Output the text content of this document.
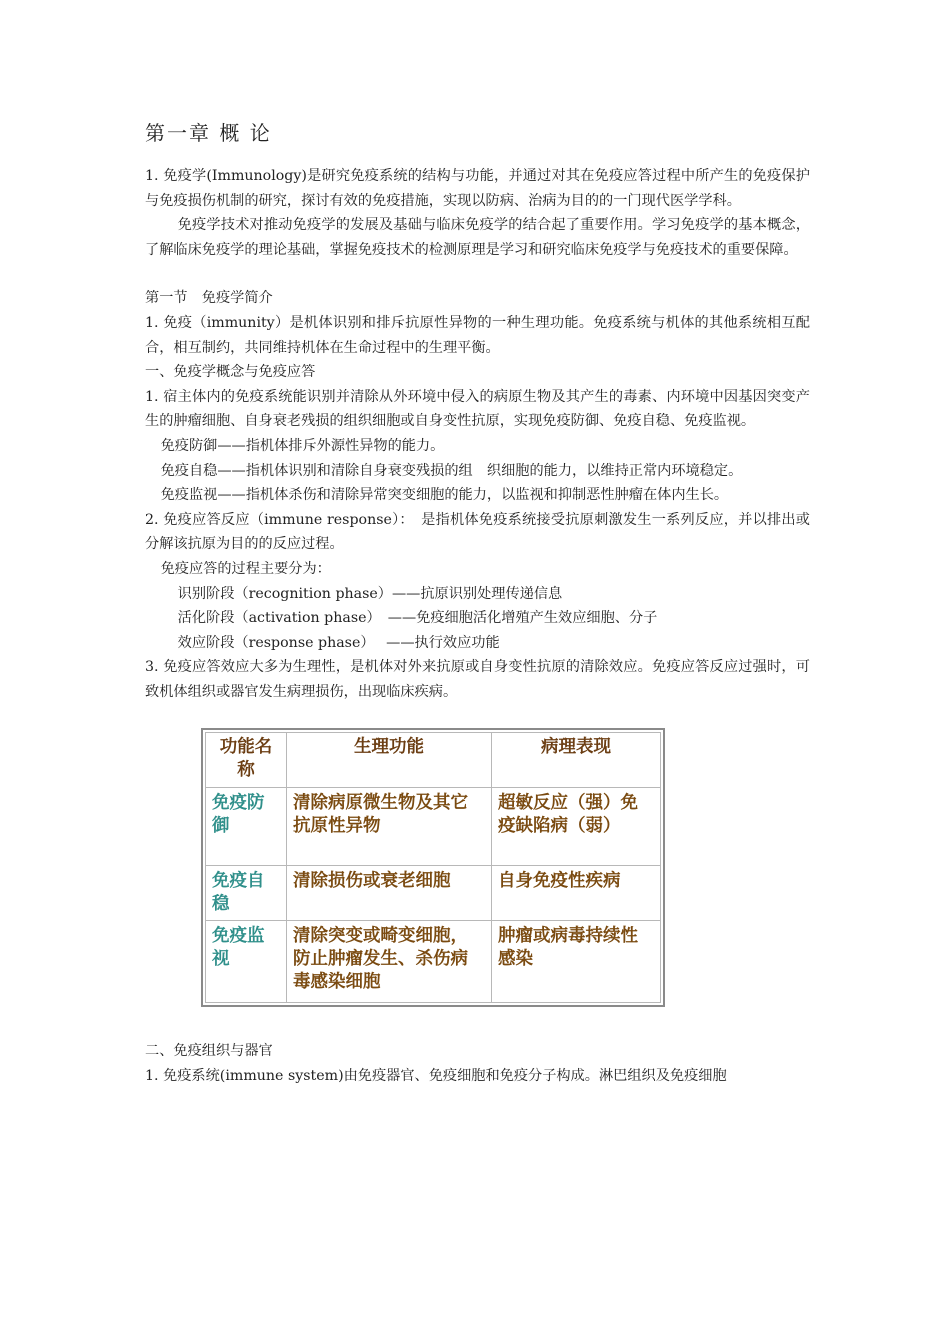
第一章 概 论

1. 免疫学(Immunology)是研究免疫系统的结构与功能，并通过对其在免疫应答过程中所产生的免疫保护与免疫损伤机制的研究，探讨有效的免疫措施，实现以防病、治病为目的的一门现代医学学科。

免疫学技术对推动免疫学的发展及基础与临床免疫学的结合起了重要作用。学习免疫学的基本概念，了解临床免疫学的理论基础，掌握免疫技术的检测原理是学习和研究临床免疫学与免疫技术的重要保障。

第一节　免疫学简介

1. 免疫（immunity）是机体识别和排斥抗原性异物的一种生理功能。免疫系统与机体的其他系统相互配合，相互制约，共同维持机体在生命过程中的生理平衡。

一、免疫学概念与免疫应答

1. 宿主体内的免疫系统能识别并清除从外环境中侵入的病原生物及其产生的毒素、内环境中因基因突变产生的肿瘤细胞、自身衰老残损的组织细胞或自身变性抗原，实现免疫防御、免疫自稳、免疫监视。

免疫防御——指机体排斥外源性异物的能力。

免疫自稳——指机体识别和清除自身衰变残损的组　织细胞的能力，以维持正常内环境稳定。

免疫监视——指机体杀伤和清除异常突变细胞的能力，以监视和抑制恶性肿瘤在体内生长。

2. 免疫应答反应（immune response）：　是指机体免疫系统接受抗原刺激发生一系列反应，并以排出或分解该抗原为目的的反应过程。

免疫应答的过程主要分为：

识别阶段（recognition phase）——抗原识别处理传递信息

活化阶段（activation phase）　——免疫细胞活化增殖产生效应细胞、分子

效应阶段（response phase）　 ——执行效应功能

3. 免疫应答效应大多为生理性，是机体对外来抗原或自身变性抗原的清除效应。免疫应答反应过强时，可致机体组织或器官发生病理损伤，出现临床疾病。

功能名称	生理功能	病理表现
免疫防御	清除病原微生物及其它抗原性异物	超敏反应（强）免疫缺陷病（弱）
免疫自稳	清除损伤或衰老细胞	自身免疫性疾病
免疫监视	清除突变或畸变细胞，防止肿瘤发生、杀伤病毒感染细胞	肿瘤或病毒持续性感染

二、免疫组织与器官

1. 免疫系统(immune system)由免疫器官、免疫细胞和免疫分子构成。淋巴组织及免疫细胞
